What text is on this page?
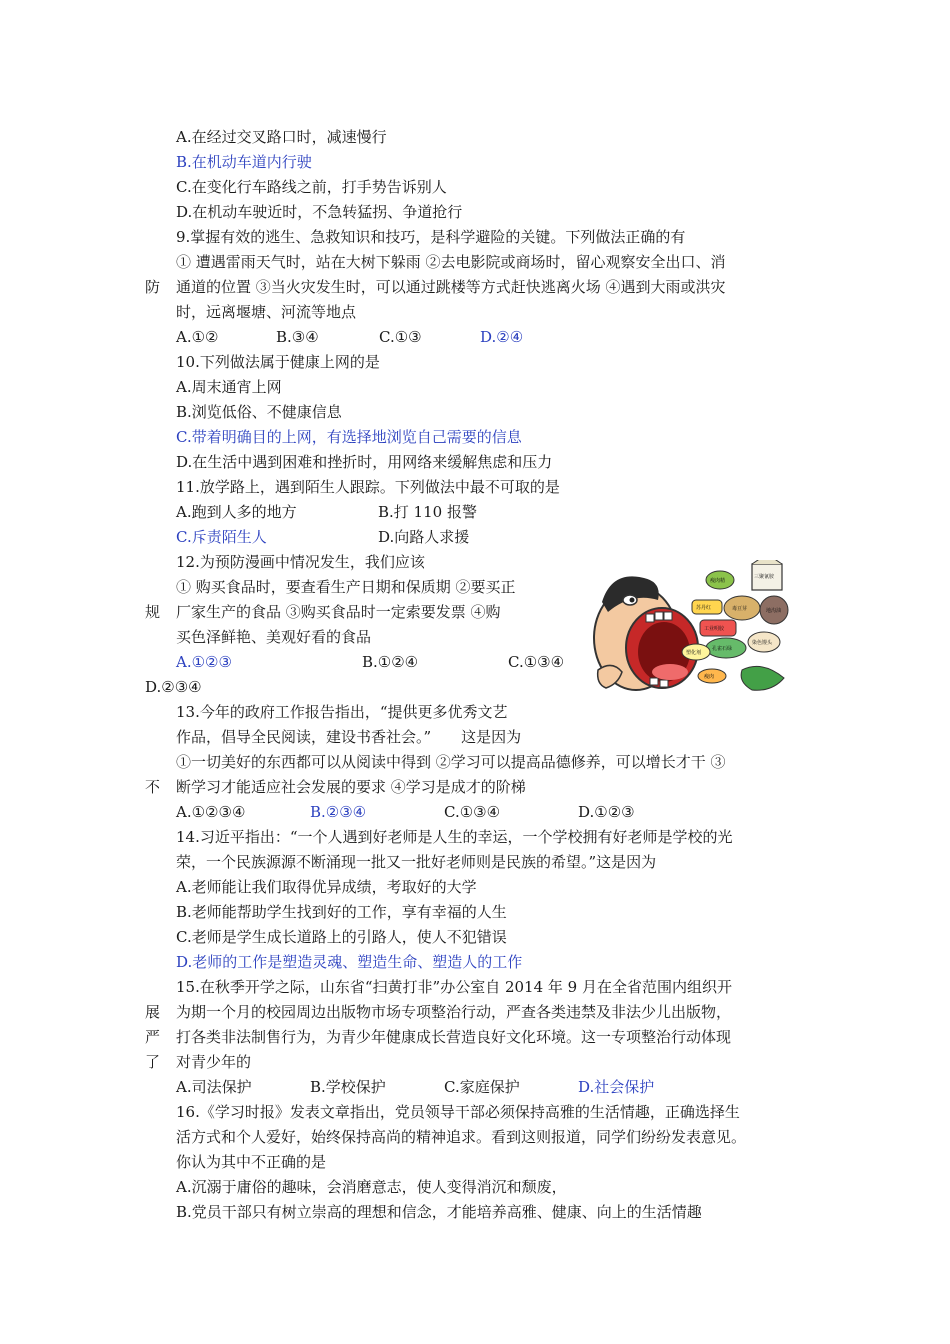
A.在经过交叉路口时，减速慢行
B.在机动车道内行驶
C.在变化行车路线之前，打手势告诉别人
D.在机动车驶近时，不急转猛拐、争道抢行
9.掌握有效的逃生、急救知识和技巧，是科学避险的关键。下列做法正确的有
① 遭遇雷雨天气时，站在大树下躲雨 ②去电影院或商场时，留心观察安全出口、消
防 通道的位置 ③当火灾发生时，可以通过跳楼等方式赶快逃离火场 ④遇到大雨或洪灾
时，远离堰塘、河流等地点
A.①②	B.③④	C.①③	D.②④
10.下列做法属于健康上网的是
A.周末通宵上网
B.浏览低俗、不健康信息
C.带着明确目的上网，有选择地浏览自己需要的信息
D.在生活中遇到困难和挫折时，用网络来缓解焦虑和压力
11.放学路上，遇到陌生人跟踪。下列做法中最不可取的是
A.跑到人多的地方	B.打 110 报警
C.斥责陌生人	D.向路人求援
12.为预防漫画中情况发生，我们应该
① 购买食品时，要查看生产日期和保质期 ②要买正
规 厂家生产的食品 ③购买食品时一定索要发票 ④购
买色泽鲜艳、美观好看的食品
A.①②③	B.①②④	C.①③④
D.②③④
三聚氰胺
苏丹红
瘦肉精
孔雀石绿
工业明胶
地沟油
毒豆芽
塑化剂
染色馒头
瘦肉
13.今年的政府工作报告指出，“提供更多优秀文艺
作品，倡导全民阅读，建设书香社会。”　　这是因为
①一切美好的东西都可以从阅读中得到 ②学习可以提高品德修养，可以增长才干 ③
不 断学习才能适应社会发展的要求 ④学习是成才的阶梯
A.①②③④	B.②③④	C.①③④	D.①②③
14.习近平指出：“一个人遇到好老师是人生的幸运，一个学校拥有好老师是学校的光
荣，一个民族源源不断涌现一批又一批好老师则是民族的希望。”这是因为
A.老师能让我们取得优异成绩，考取好的大学
B.老师能帮助学生找到好的工作，享有幸福的人生
C.老师是学生成长道路上的引路人，使人不犯错误
D.老师的工作是塑造灵魂、塑造生命、塑造人的工作
15.在秋季开学之际，山东省“扫黄打非”办公室自 2014 年 9 月在全省范围内组织开
展 为期一个月的校园周边出版物市场专项整治行动，严查各类违禁及非法少儿出版物，
严 打各类非法制售行为，为青少年健康成长营造良好文化环境。这一专项整治行动体现
了 对青少年的
A.司法保护	B.学校保护	C.家庭保护	D.社会保护
16.《学习时报》发表文章指出，党员领导干部必须保持高雅的生活情趣，正确选择生
活方式和个人爱好，始终保持高尚的精神追求。看到这则报道，同学们纷纷发表意见。
你认为其中不正确的是
A.沉溺于庸俗的趣味，会消磨意志，使人变得消沉和颓废，
B.党员干部只有树立崇高的理想和信念，才能培养高雅、健康、向上的生活情趣
